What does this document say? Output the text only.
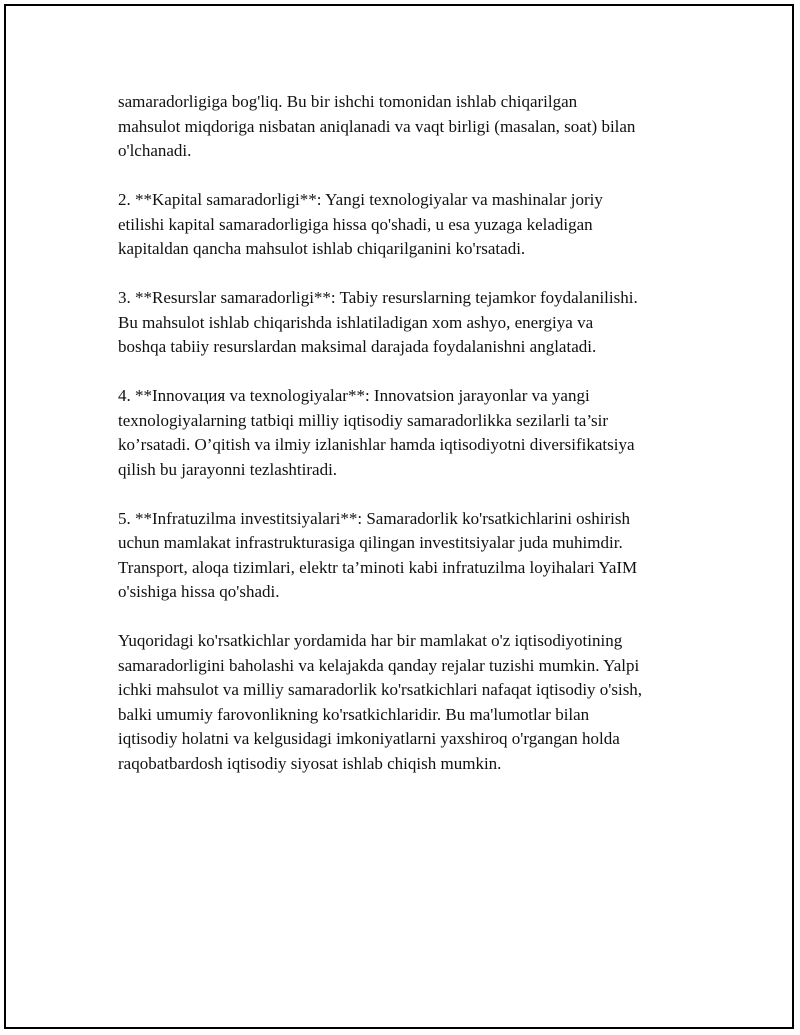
samaradorligiga bog'liq. Bu bir ishchi tomonidan ishlab chiqarilgan
mahsulot miqdoriga nisbatan aniqlanadi va vaqt birligi (masalan, soat) bilan
o'lchanadi.

2. **Kapital samaradorligi**: Yangi texnologiyalar va mashinalar joriy
etilishi kapital samaradorligiga hissa qo'shadi, u esa yuzaga keladigan
kapitaldan qancha mahsulot ishlab chiqarilganini ko'rsatadi.

3. **Resurslar samaradorligi**: Tabiy resurslarning tejamkor foydalanilishi.
Bu mahsulot ishlab chiqarishda ishlatiladigan xom ashyo, energiya va
boshqa tabiiy resurslardan maksimal darajada foydalanishni anglatadi.

4. **Innovaция va texnologiyalar**: Innovatsion jarayonlar va yangi
texnologiyalarning tatbiqi milliy iqtisodiy samaradorlikka sezilarli ta’sir
ko’rsatadi. O’qitish va ilmiy izlanishlar hamda iqtisodiyotni diversifikatsiya
qilish bu jarayonni tezlashtiradi.

5. **Infratuzilma investitsiyalari**: Samaradorlik ko'rsatkichlarini oshirish
uchun mamlakat infrastrukturasiga qilingan investitsiyalar juda muhimdir.
Transport, aloqa tizimlari, elektr ta’minoti kabi infratuzilma loyihalari YaIM
o'sishiga hissa qo'shadi.

Yuqoridagi ko'rsatkichlar yordamida har bir mamlakat o'z iqtisodiyotining
samaradorligini baholashi va kelajakda qanday rejalar tuzishi mumkin. Yalpi
ichki mahsulot va milliy samaradorlik ko'rsatkichlari nafaqat iqtisodiy o'sish,
balki umumiy farovonlikning ko'rsatkichlaridir. Bu ma'lumotlar bilan
iqtisodiy holatni va kelgusidagi imkoniyatlarni yaxshiroq o'rgangan holda
raqobatbardosh iqtisodiy siyosat ishlab chiqish mumkin.
